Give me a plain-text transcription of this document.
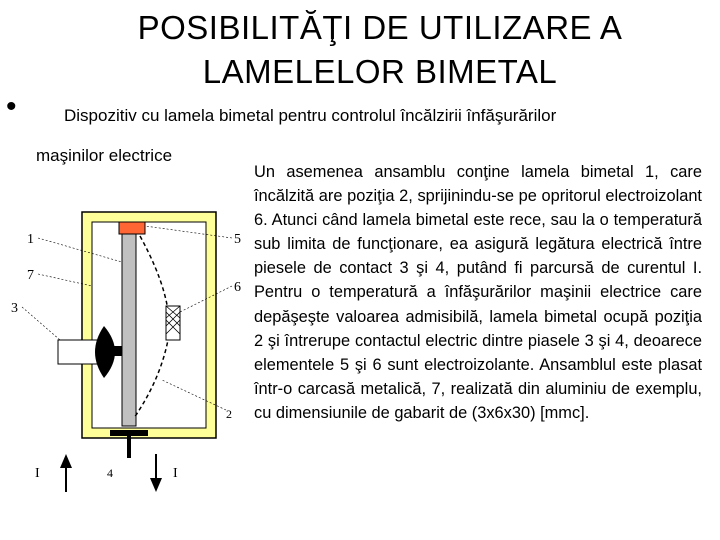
POSIBILITĂŢI DE UTILIZARE A
LAMELELOR BIMETAL
•	Dispozitiv cu lamela bimetal pentru controlul încălzirii înfăşurărilor
maşinilor electrice
1
7
3
5
6
2
4
I	I
Un asemenea ansamblu conţine lamela bimetal 1, care încălzită are poziţia 2, sprijinindu-se pe opritorul electroizolant 6. Atunci când lamela bimetal este rece, sau la o temperatură sub limita de funcţionare, ea asigură legătura electrică între piesele de contact 3 şi 4, putând fi parcursă de curentul I. Pentru o temperatură a înfăşurărilor maşinii electrice care depăşeşte valoarea admisibilă, lamela bimetal ocupă poziţia 2 şi întrerupe contactul electric dintre piasele 3 şi 4, deoarece elementele 5 şi 6 sunt electroizolante. Ansamblul este plasat într-o carcasă metalică, 7, realizată din aluminiu de exemplu, cu dimensiunile de gabarit de (3x6x30) [mmc].
